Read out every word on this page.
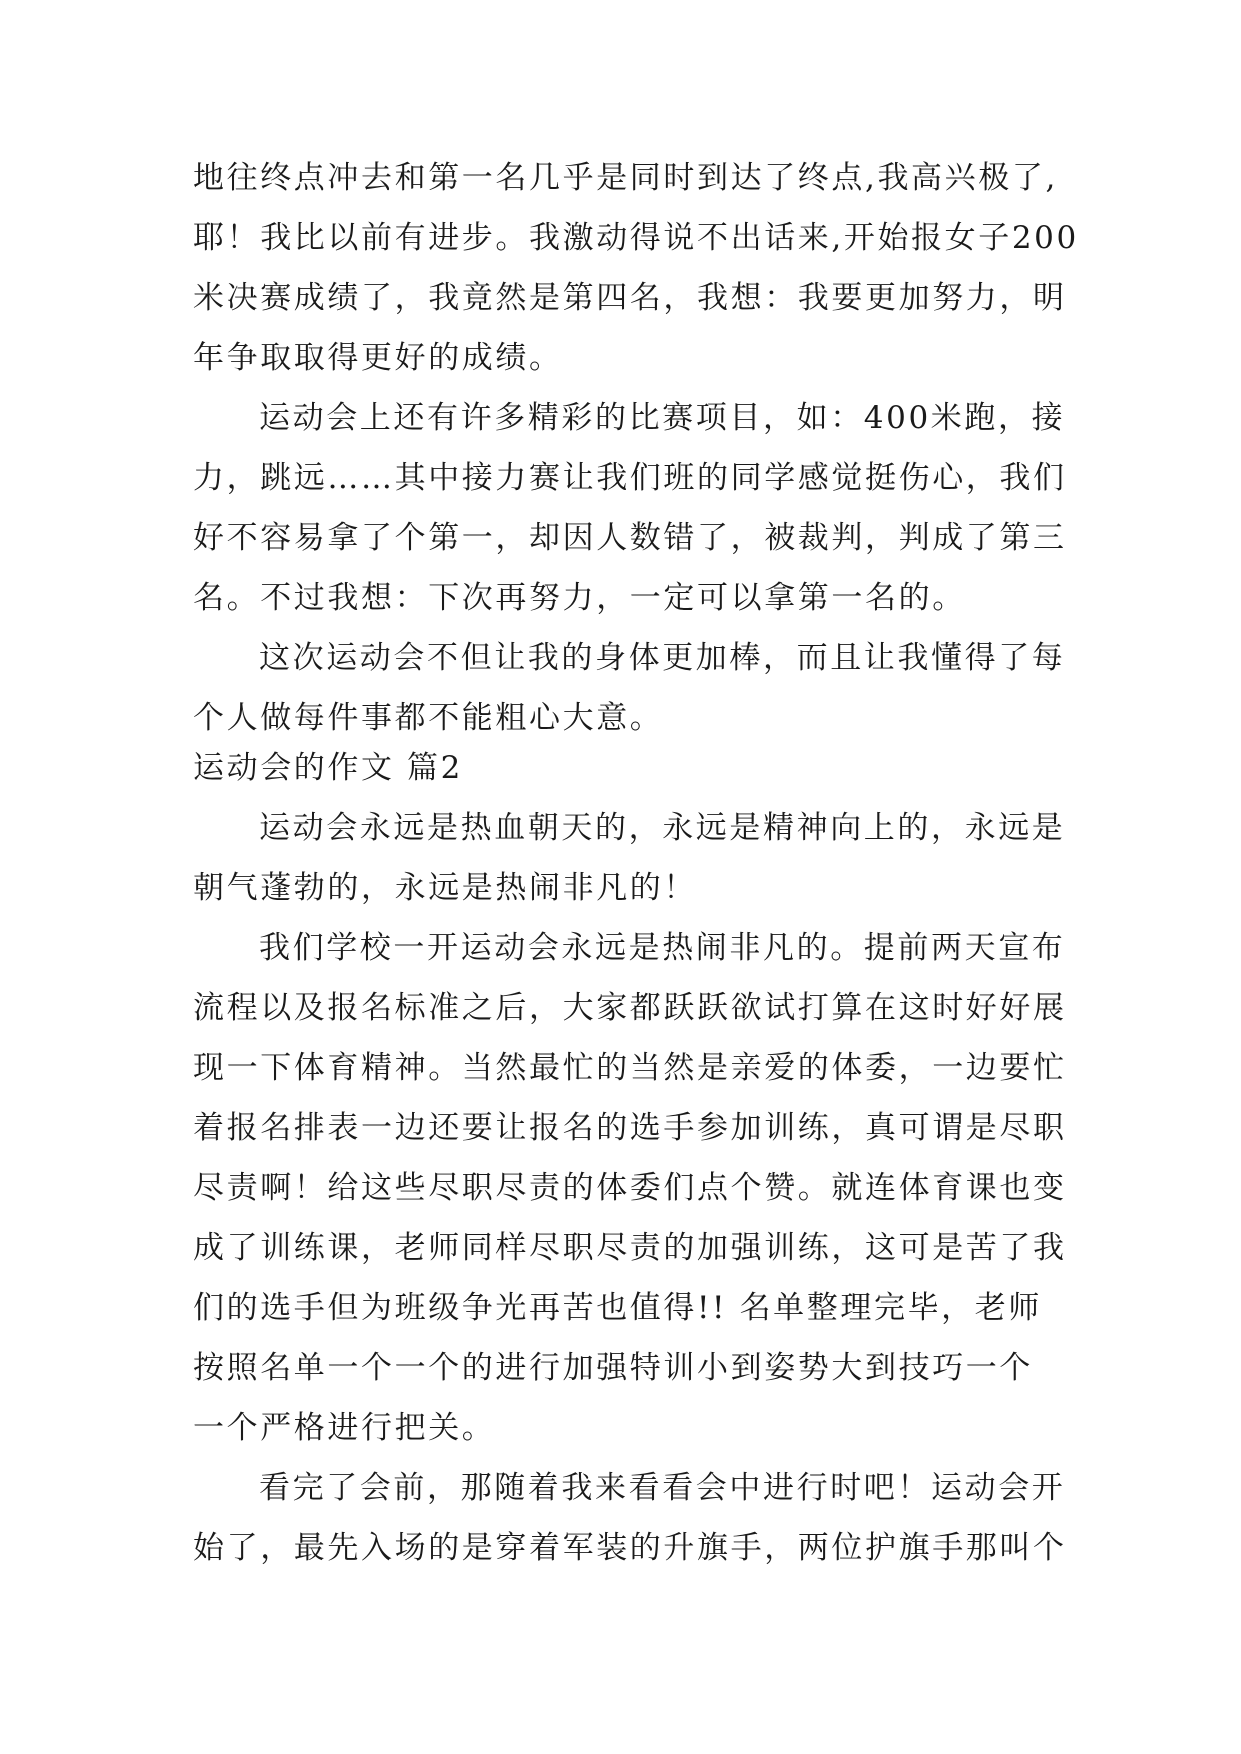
地往终点冲去和第一名几乎是同时到达了终点,我高兴极了,
耶！我比以前有进步。我激动得说不出话来,开始报女子200
米决赛成绩了，我竟然是第四名，我想：我要更加努力，明
年争取取得更好的成绩。
运动会上还有许多精彩的比赛项目，如：400米跑，接
力，跳远……其中接力赛让我们班的同学感觉挺伤心，我们
好不容易拿了个第一，却因人数错了，被裁判，判成了第三
名。不过我想：下次再努力，一定可以拿第一名的。
这次运动会不但让我的身体更加棒，而且让我懂得了每
个人做每件事都不能粗心大意。
运动会的作文 篇2
运动会永远是热血朝天的，永远是精神向上的，永远是
朝气蓬勃的，永远是热闹非凡的！
我们学校一开运动会永远是热闹非凡的。提前两天宣布
流程以及报名标准之后，大家都跃跃欲试打算在这时好好展
现一下体育精神。当然最忙的当然是亲爱的体委，一边要忙
着报名排表一边还要让报名的选手参加训练，真可谓是尽职
尽责啊！给这些尽职尽责的体委们点个赞。就连体育课也变
成了训练课，老师同样尽职尽责的加强训练，这可是苦了我
们的选手但为班级争光再苦也值得!! 名单整理完毕，老师
按照名单一个一个的进行加强特训小到姿势大到技巧一个
一个严格进行把关。
看完了会前，那随着我来看看会中进行时吧！运动会开
始了，最先入场的是穿着军装的升旗手，两位护旗手那叫个
